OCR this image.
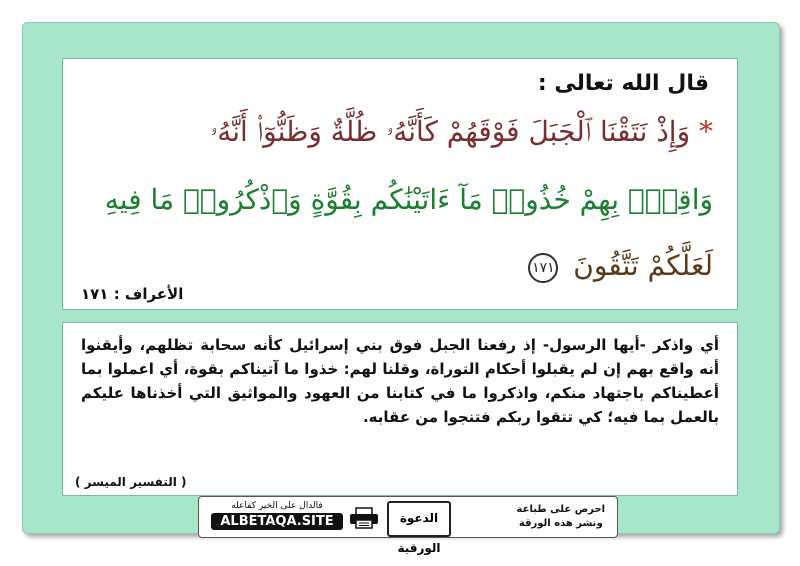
قال الله تعالى :
* وَإِذْ نَتَقْنَا ٱلْجَبَلَ فَوْقَهُمْ كَأَنَّهُۥ ظُلَّةٌ وَظَنُّوٓا۟ أَنَّهُۥ
وَاقِعٌۢ بِهِمْ خُذُوا۟ مَآ ءَاتَيْنَٰكُم بِقُوَّةٍ وَٱذْكُرُوا۟ مَا فِيهِ
لَعَلَّكُمْ تَتَّقُونَ ١٧١
الأعراف : ١٧١
أي واذكر -أيها الرسول- إذ رفعنا الجبل فوق بني إسرائيل كأنه سحابة تظلهم، وأيقنوا أنه واقع بهم إن لم يقبلوا أحكام التوراة، وقلنا لهم: خذوا ما آتيناكم بقوة، أي اعملوا بما أعطيناكم باجتهاد منكم، واذكروا ما في كتابنا من العهود والمواثيق التي أخذناها عليكم بالعمل بما فيه؛ كي تتقوا ربكم فتنجوا من عقابه.
( التفسير الميسر )
احرص على طباعة
ونشر هذه الورقة
الدعوة الورقية
فالدال على الخير كفاعله
ALBETAQA.SITE
